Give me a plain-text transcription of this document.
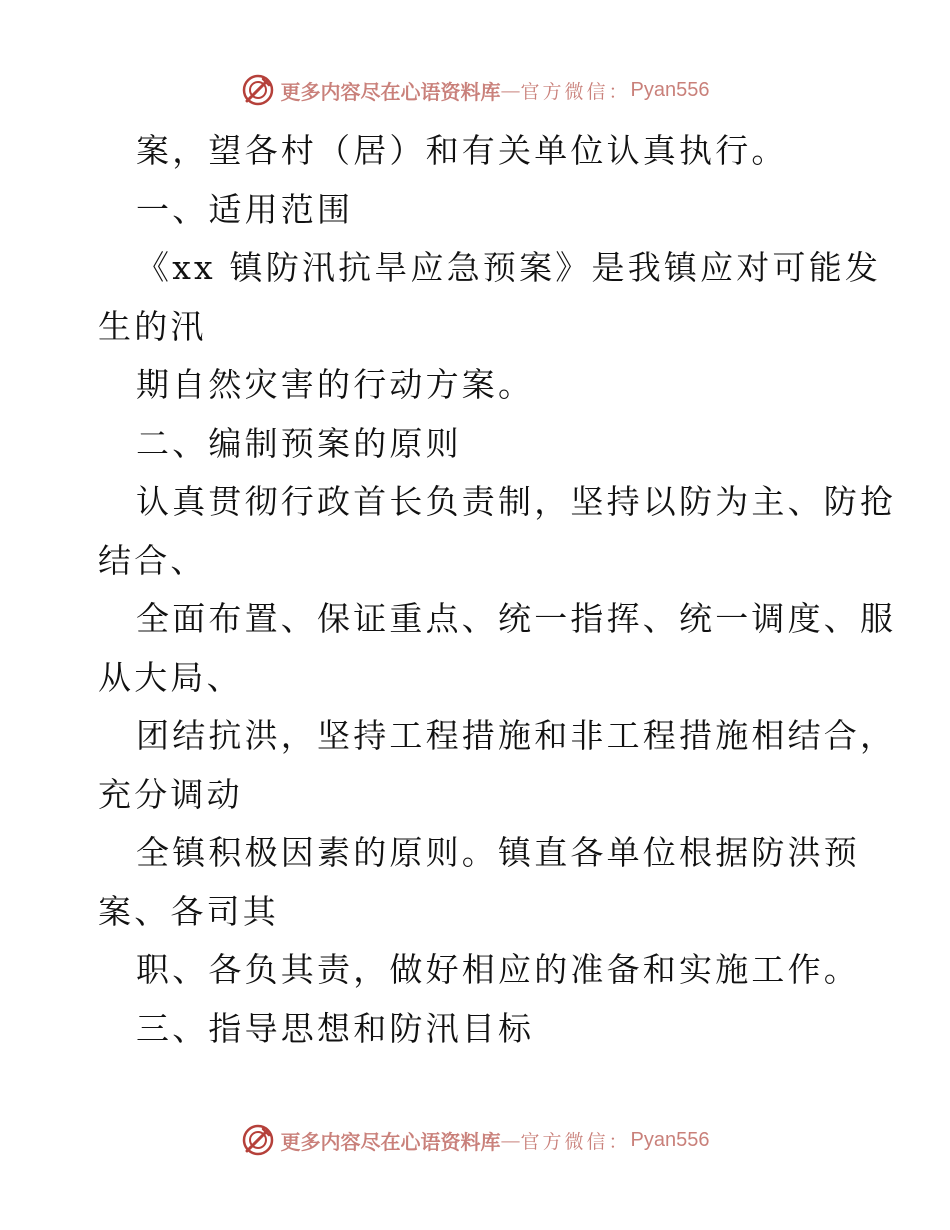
更多内容尽在心语资料库 — 官方微信： Pyan556
案，望各村（居）和有关单位认真执行。
一、适用范围
《xx 镇防汛抗旱应急预案》是我镇应对可能发
生的汛
期自然灾害的行动方案。
二、编制预案的原则
认真贯彻行政首长负责制，坚持以防为主、防抢
结合、
全面布置、保证重点、统一指挥、统一调度、服
从大局、
团结抗洪，坚持工程措施和非工程措施相结合，
充分调动
全镇积极因素的原则。镇直各单位根据防洪预
案、各司其
职、各负其责，做好相应的准备和实施工作。
三、指导思想和防汛目标
更多内容尽在心语资料库 — 官方微信： Pyan556
